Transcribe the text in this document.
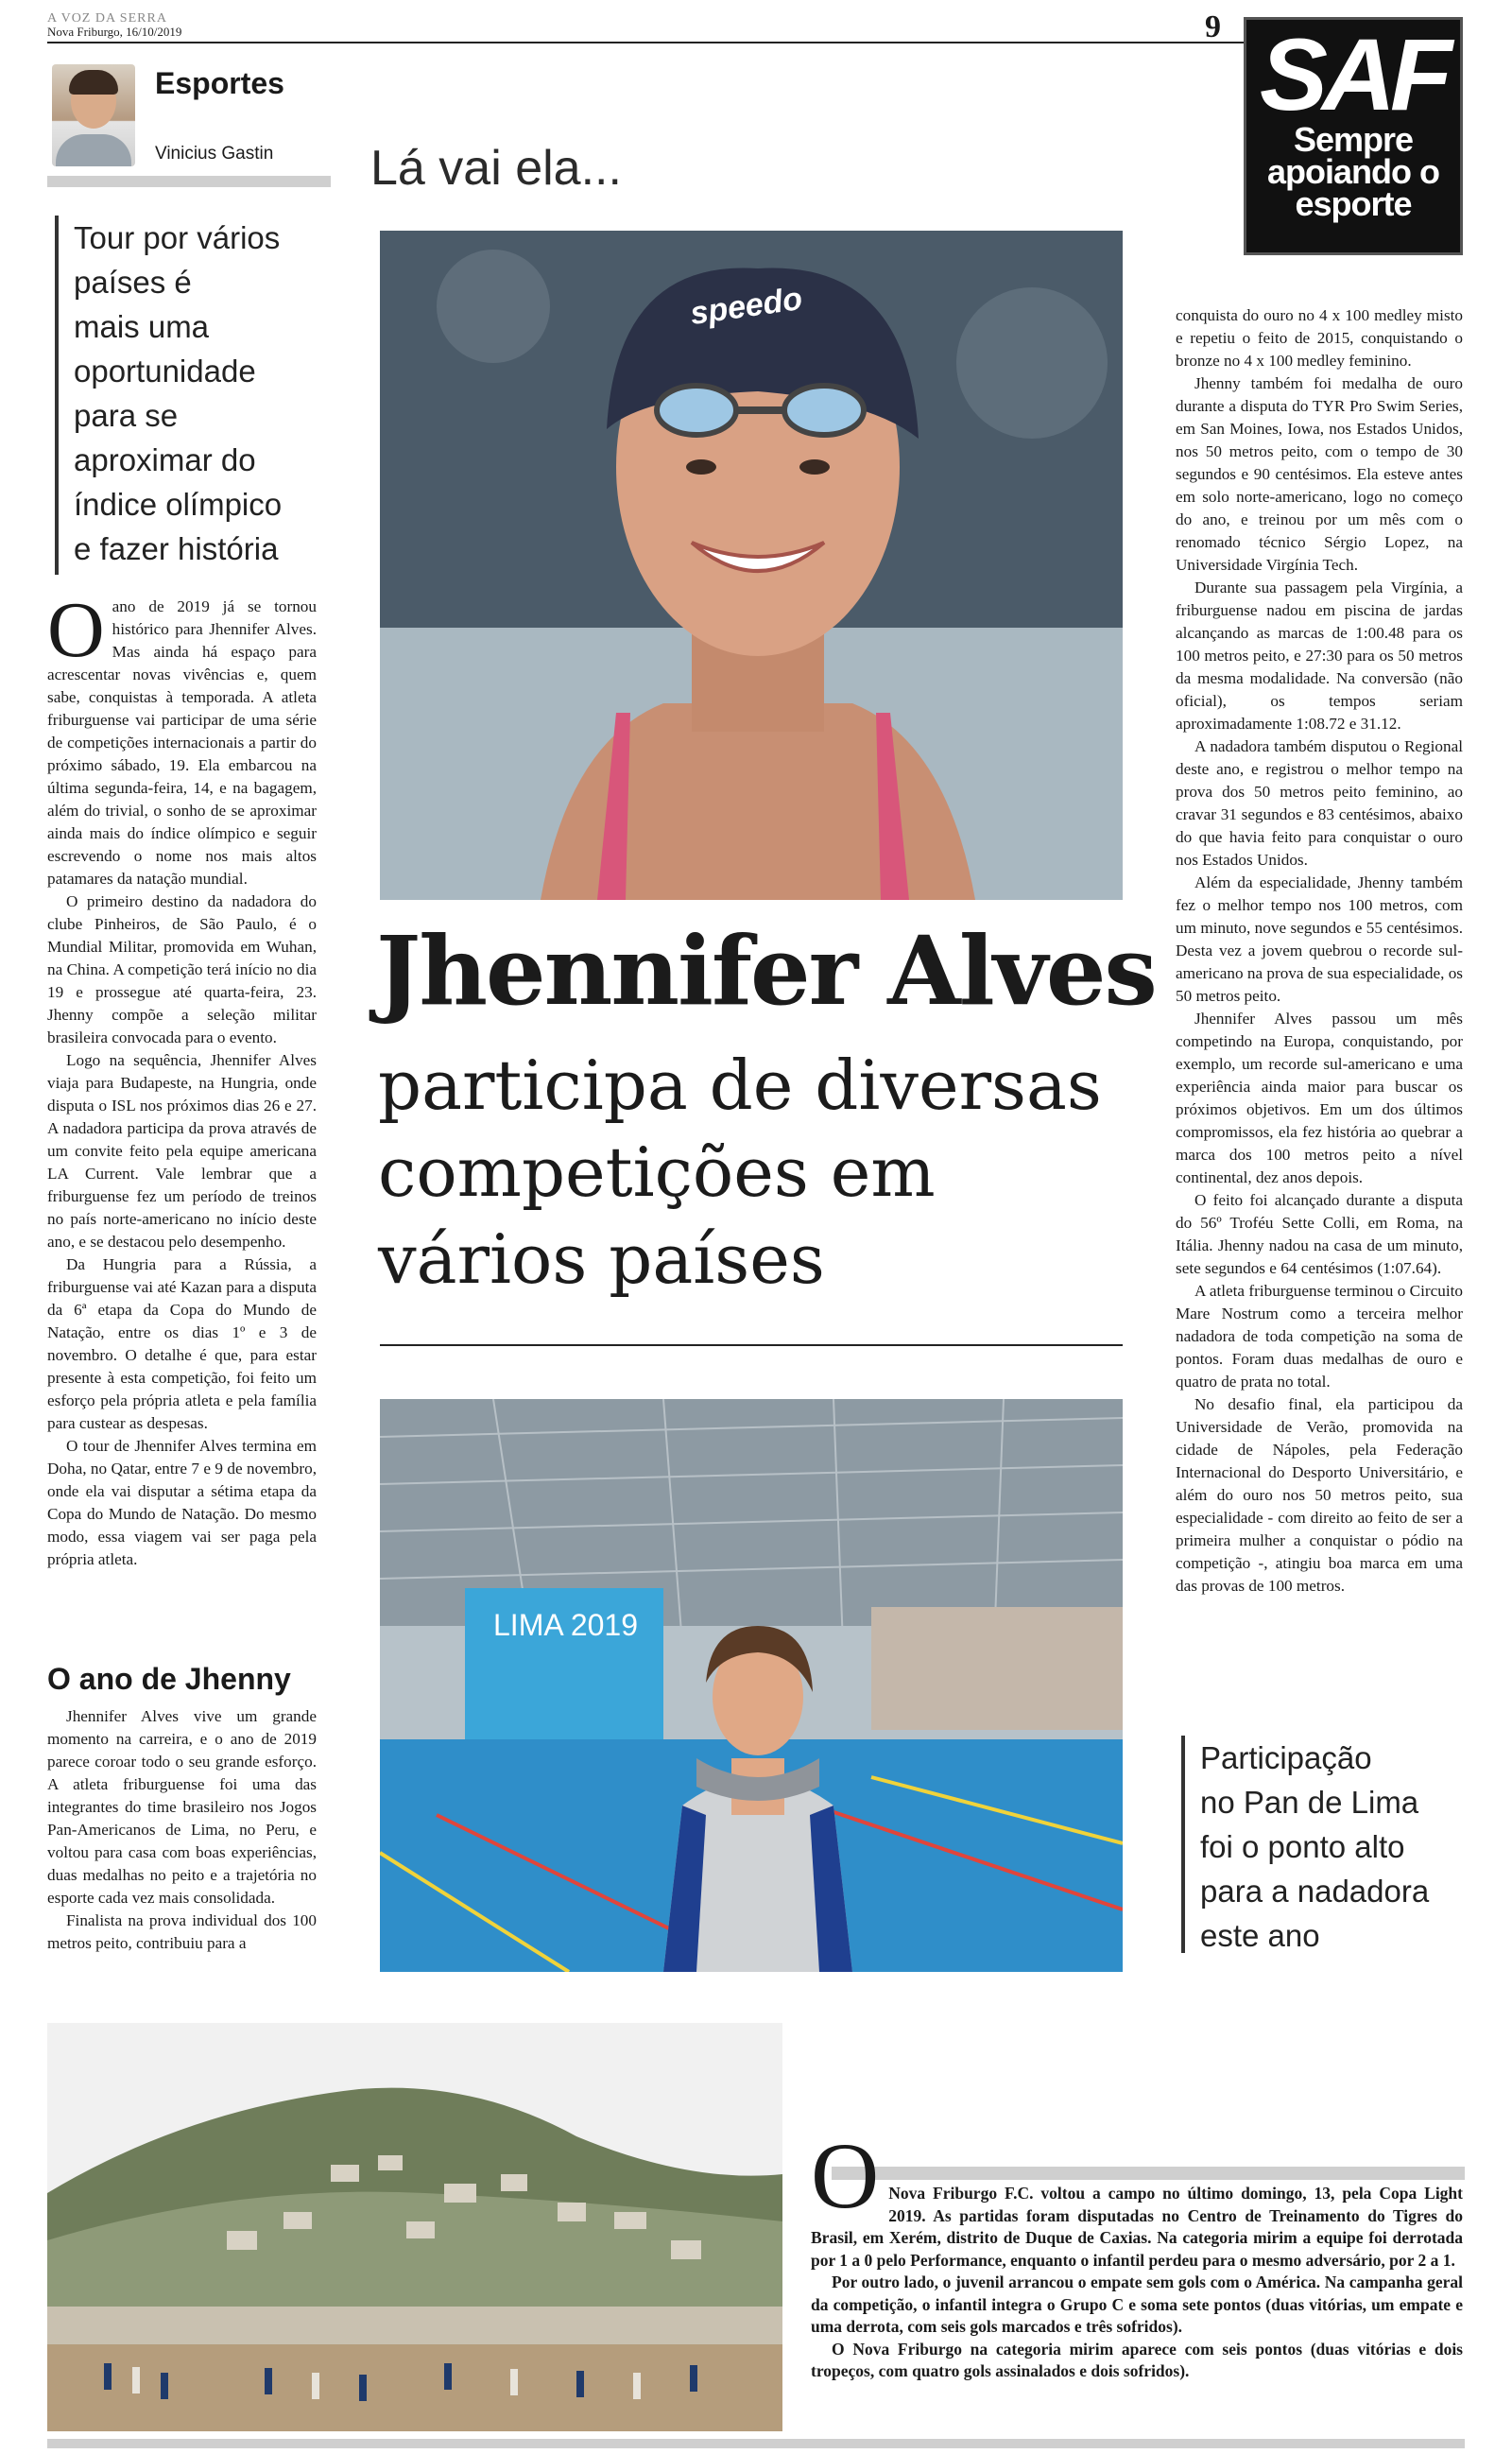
A VOZ DA SERRA
Nova Friburgo, 16/10/2019	9 SAF
Sempre
apoiando o
esporte
Esportes
Vinicius Gastin Lá vai ela...
Tour por vários
países é
mais uma
oportunidade
para se
aproximar do
índice olímpico
e fazer história

Oano de 2019 já se tornou histórico para Jhennifer Alves. Mas ainda há espaço para acrescentar novas vivências e, quem sabe, conquistas à temporada. A atleta friburguense vai participar de uma série de competições internacionais a partir do próximo sábado, 19. Ela embarcou na última segunda-feira, 14, e na bagagem, além do trivial, o sonho de se aproximar ainda mais do índice olímpico e seguir escrevendo o nome nos mais altos patamares da natação mundial.

O primeiro destino da nadadora do clube Pinheiros, de São Paulo, é o Mundial Militar, promovida em Wuhan, na China. A competição terá início no dia 19 e prossegue até quarta-feira, 23. Jhenny compõe a seleção militar brasileira convocada para o evento.

Logo na sequência, Jhennifer Alves viaja para Budapeste, na Hungria, onde disputa o ISL nos próximos dias 26 e 27. A nadadora participa da prova através de um convite feito pela equipe americana LA Current. Vale lembrar que a friburguense fez um período de treinos no país norte-americano no início deste ano, e se destacou pelo desempenho.

Da Hungria para a Rússia, a friburguense vai até Kazan para a disputa da 6ª etapa da Copa do Mundo de Natação, entre os dias 1º e 3 de novembro. O detalhe é que, para estar presente à esta competição, foi feito um esforço pela própria atleta e pela família para custear as despesas.

O tour de Jhennifer Alves termina em Doha, no Qatar, entre 7 e 9 de novembro, onde ela vai disputar a sétima etapa da Copa do Mundo de Natação. Do mesmo modo, essa viagem vai ser paga pela própria atleta.

O ano de Jhenny

Jhennifer Alves vive um grande momento na carreira, e o ano de 2019 parece coroar todo o seu grande esforço. A atleta friburguense foi uma das integrantes do time brasileiro nos Jogos Pan-Americanos de Lima, no Peru, e voltou para casa com boas experiências, duas medalhas no peito e a trajetória no esporte cada vez mais consolidada.

Finalista na prova individual dos 100 metros peito, contribuiu para a

speedo
Jhennifer Alves
participa de diversas
competições em
vários países
LIMA 2019

conquista do ouro no 4 x 100 medley misto e repetiu o feito de 2015, conquistando o bronze no 4 x 100 medley feminino.

Jhenny também foi medalha de ouro durante a disputa do TYR Pro Swim Series, em San Moines, Iowa, nos Estados Unidos, nos 50 metros peito, com o tempo de 30 segundos e 90 centésimos. Ela esteve antes em solo norte-americano, logo no começo do ano, e treinou por um mês com o renomado técnico Sérgio Lopez, na Universidade Virgínia Tech.

Durante sua passagem pela Virgínia, a friburguense nadou em piscina de jardas alcançando as marcas de 1:00.48 para os 100 metros peito, e 27:30 para os 50 metros da mesma modalidade. Na conversão (não oficial), os tempos seriam aproximadamente 1:08.72 e 31.12.

A nadadora também disputou o Regional deste ano, e registrou o melhor tempo na prova dos 50 metros peito feminino, ao cravar 31 segundos e 83 centésimos, abaixo do que havia feito para conquistar o ouro nos Estados Unidos.

Além da especialidade, Jhenny também fez o melhor tempo nos 100 metros, com um minuto, nove segundos e 55 centésimos. Desta vez a jovem quebrou o recorde sul-americano na prova de sua especialidade, os 50 metros peito.

Jhennifer Alves passou um mês competindo na Europa, conquistando, por exemplo, um recorde sul-americano e uma experiência ainda maior para buscar os próximos objetivos. Em um dos últimos compromissos, ela fez história ao quebrar a marca dos 100 metros peito a nível continental, dez anos depois.

O feito foi alcançado durante a disputa do 56º Troféu Sette Colli, em Roma, na Itália. Jhenny nadou na casa de um minuto, sete segundos e 64 centésimos (1:07.64).

A atleta friburguense terminou o Circuito Mare Nostrum como a terceira melhor nadadora de toda competição na soma de pontos. Foram duas medalhas de ouro e quatro de prata no total.

No desafio final, ela participou da Universidade de Verão, promovida na cidade de Nápoles, pela Federação Internacional do Desporto Universitário, e além do ouro nos 50 metros peito, sua especialidade - com direito ao feito de ser a primeira mulher a conquistar o pódio na competição -, atingiu boa marca em uma das provas de 100 metros.

Participação
no Pan de Lima
foi o ponto alto
para a nadadora
este ano

O Nova Friburgo F.C. voltou a campo no último domingo, 13, pela Copa Light 2019. As partidas foram disputadas no Centro de Treinamento do Tigres do Brasil, em Xerém, distrito de Duque de Caxias. Na categoria mirim a equipe foi derrotada por 1 a 0 pelo Performance, enquanto o infantil perdeu para o mesmo adversário, por 2 a 1.

Por outro lado, o juvenil arrancou o empate sem gols com o América. Na campanha geral da competição, o infantil integra o Grupo C e soma sete pontos (duas vitórias, um empate e uma derrota, com seis gols marcados e três sofridos).

O Nova Friburgo na categoria mirim aparece com seis pontos (duas vitórias e dois tropeços, com quatro gols assinalados e dois sofridos).
